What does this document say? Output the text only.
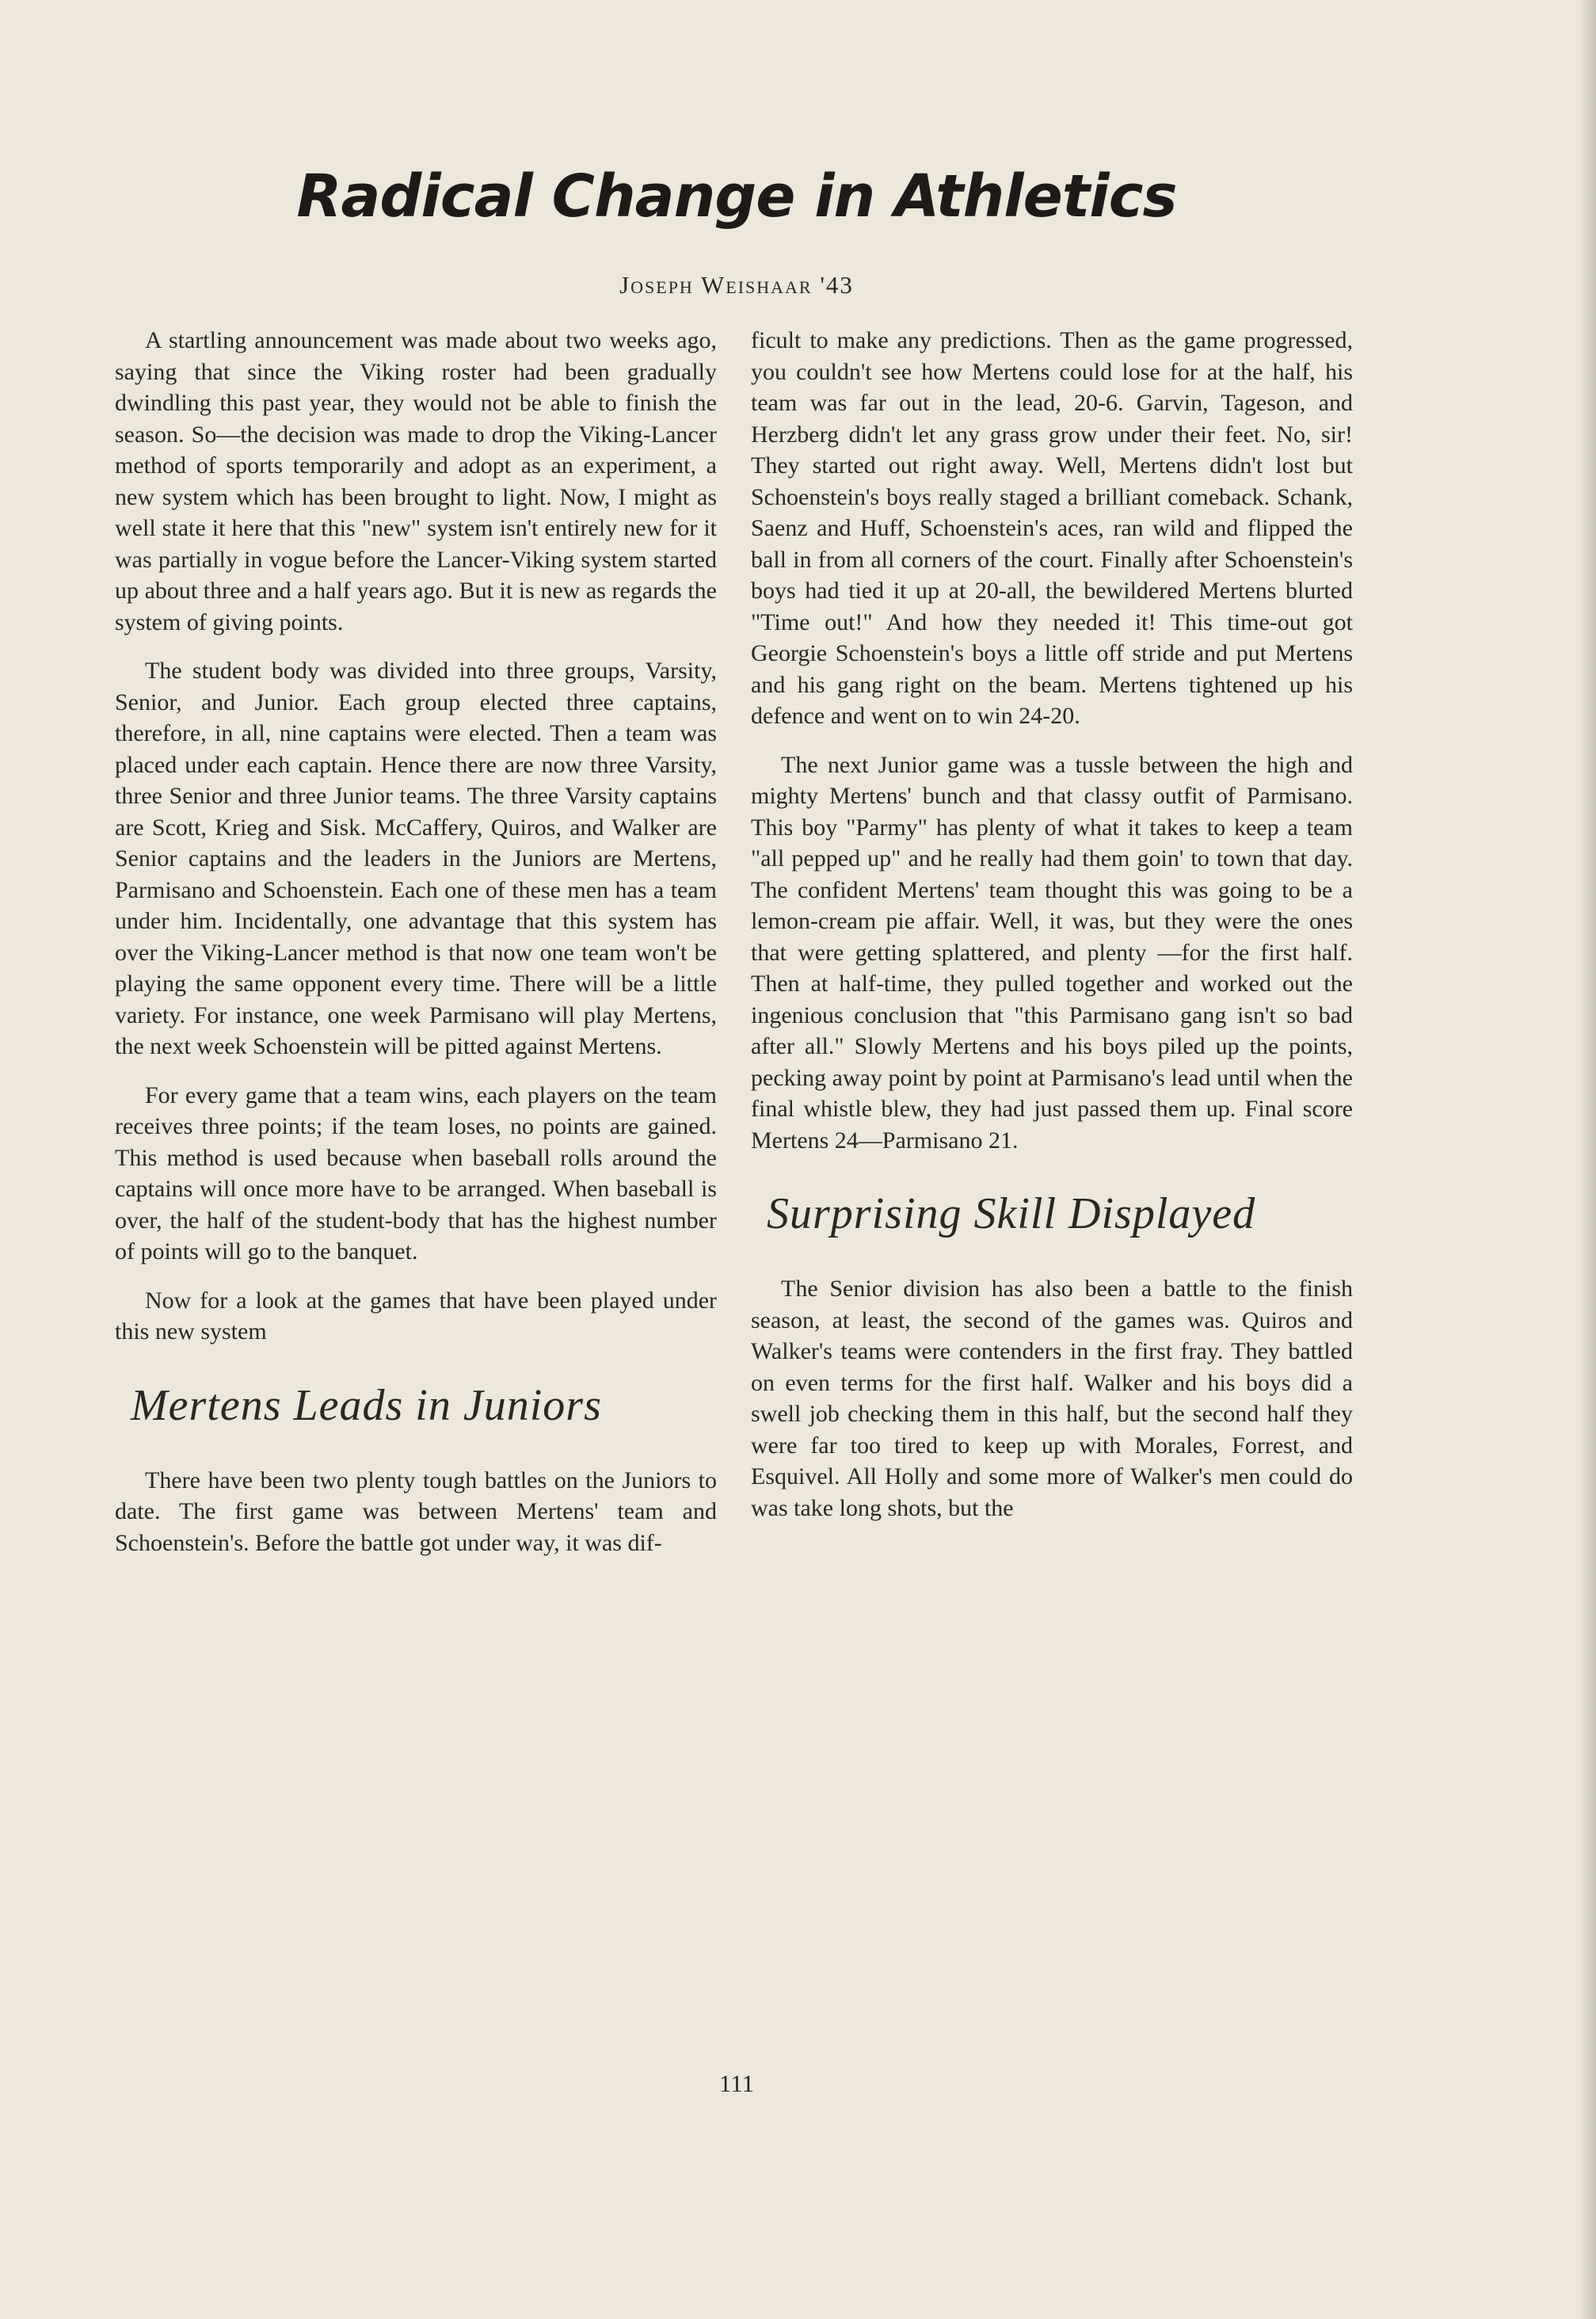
Radical Change in Athletics
Joseph Weishaar '43

A startling announcement was made about two weeks ago, saying that since the Viking roster had been gradually dwindling this past year, they would not be able to finish the season. So—the decision was made to drop the Viking-Lancer method of sports temporarily and adopt as an experiment, a new system which has been brought to light. Now, I might as well state it here that this "new" system isn't entirely new for it was partially in vogue before the Lancer-Viking system started up about three and a half years ago. But it is new as regards the system of giving points.

The student body was divided into three groups, Varsity, Senior, and Junior. Each group elected three captains, therefore, in all, nine captains were elected. Then a team was placed under each captain. Hence there are now three Varsity, three Senior and three Junior teams. The three Varsity captains are Scott, Krieg and Sisk. McCaffery, Quiros, and Walker are Senior captains and the leaders in the Juniors are Mertens, Parmisano and Schoenstein. Each one of these men has a team under him. Incidentally, one advantage that this system has over the Viking-Lancer method is that now one team won't be playing the same opponent every time. There will be a little variety. For instance, one week Parmisano will play Mertens, the next week Schoenstein will be pitted against Mertens.

For every game that a team wins, each players on the team receives three points; if the team loses, no points are gained. This method is used because when baseball rolls around the captains will once more have to be arranged. When baseball is over, the half of the student-body that has the highest number of points will go to the banquet.

Now for a look at the games that have been played under this new system

Mertens Leads in Juniors

There have been two plenty tough battles on the Juniors to date. The first game was between Mertens' team and Schoenstein's. Before the battle got under way, it was dif-

ficult to make any predictions. Then as the game progressed, you couldn't see how Mertens could lose for at the half, his team was far out in the lead, 20-6. Garvin, Tageson, and Herzberg didn't let any grass grow under their feet. No, sir! They started out right away. Well, Mertens didn't lost but Schoenstein's boys really staged a brilliant comeback. Schank, Saenz and Huff, Schoenstein's aces, ran wild and flipped the ball in from all corners of the court. Finally after Schoenstein's boys had tied it up at 20-all, the bewildered Mertens blurted "Time out!" And how they needed it! This time-out got Georgie Schoenstein's boys a little off stride and put Mertens and his gang right on the beam. Mertens tightened up his defence and went on to win 24-20.

The next Junior game was a tussle between the high and mighty Mertens' bunch and that classy outfit of Parmisano. This boy "Parmy" has plenty of what it takes to keep a team "all pepped up" and he really had them goin' to town that day. The confident Mertens' team thought this was going to be a lemon-cream pie affair. Well, it was, but they were the ones that were getting splattered, and plenty —for the first half. Then at half-time, they pulled together and worked out the ingenious conclusion that "this Parmisano gang isn't so bad after all." Slowly Mertens and his boys piled up the points, pecking away point by point at Parmisano's lead until when the final whistle blew, they had just passed them up. Final score Mertens 24—Parmisano 21.

Surprising Skill Displayed

The Senior division has also been a battle to the finish season, at least, the second of the games was. Quiros and Walker's teams were contenders in the first fray. They battled on even terms for the first half. Walker and his boys did a swell job checking them in this half, but the second half they were far too tired to keep up with Morales, Forrest, and Esquivel. All Holly and some more of Walker's men could do was take long shots, but the

111
